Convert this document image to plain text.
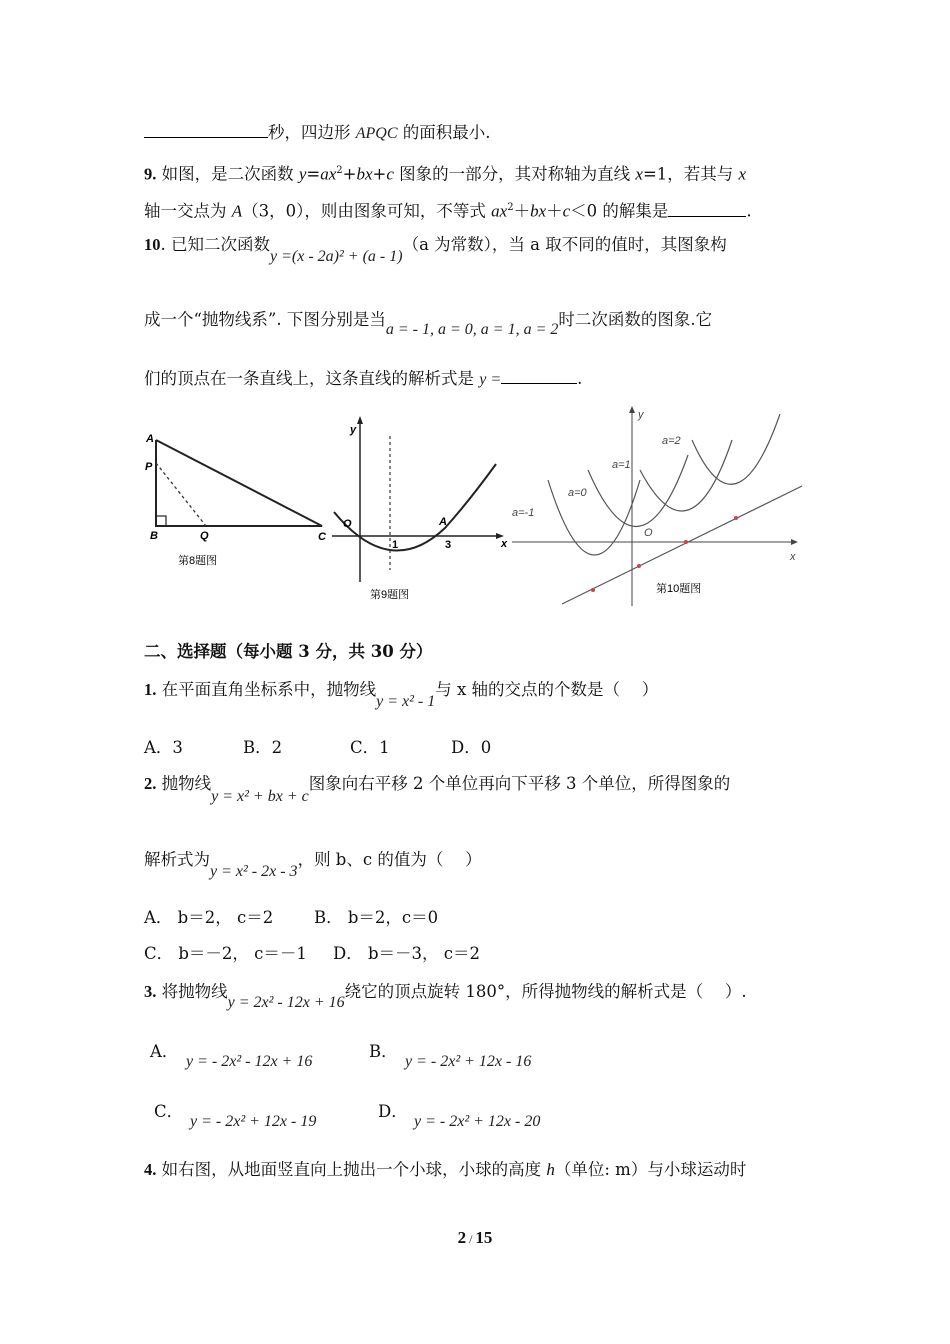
秒，四边形 APQC 的面积最小.
9. 如图，是二次函数 $y=ax^2+bx+c$ 图象的一部分，其对称轴为直线 x=1，若其与 x
轴一交点为 A（3，0），则由图象可知，不等式 $ax^2+bx+c<0$ 的解集是	.
10. 已知二次函数y =(x - 2a)² + (a - 1)（a 为常数），当 a 取不同的值时，其图象构
成一个“抛物线系”. 下图分别是当a = - 1, a = 0, a = 1, a = 2时二次函数的图象.它
们的顶点在一条直线上，这条直线的解析式是 y =	.
A
P
B	Q	C
第8题图
y
x
O
1	3
A
第9题图
y
x
O
a=-1
a=0
a=1
a=2
第10题图
二、选择题（每小题 3 分，共 30 分）
1. 在平面直角坐标系中，抛物线y = x² - 1与 x 轴的交点的个数是（　 ）
A．3	B．2	C．1	D．0
2. 抛物线y = x² + bx + c图象向右平移 2 个单位再向下平移 3 个单位，所得图象的
解析式为y = x² - 2x - 3，则 b、c 的值为（　 ）
A． b＝2， c＝2 B． b＝2，c＝0
C． b＝－2， c＝－1 D． b＝－3， c＝2
3. 将抛物线y = 2x² - 12x + 16绕它的顶点旋转 180°，所得抛物线的解析式是（　 ）.
A．
y = - 2x² - 12x + 16
B．
y = - 2x² + 12x - 16
C．
y = - 2x² + 12x - 19
D．
y = - 2x² + 12x - 20
4. 如右图，从地面竖直向上抛出一个小球，小球的高度 h（单位: m）与小球运动时
2 / 15
